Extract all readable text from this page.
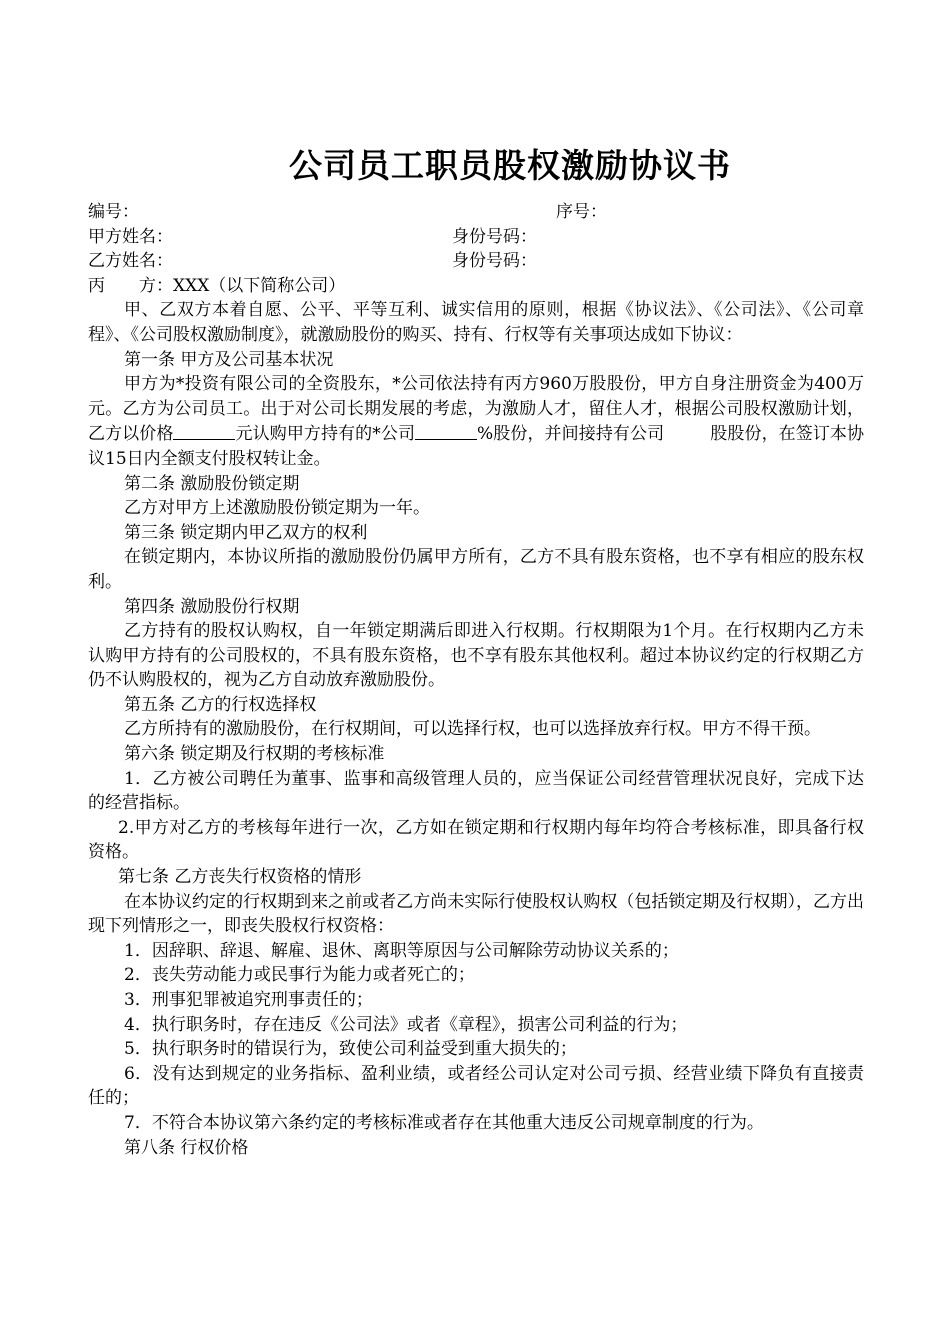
公司员工职员股权激励协议书
编号：	序号：
甲方姓名：	身份号码：
乙方姓名：	身份号码：
丙　　方：XXX（以下简称公司）
甲、乙双方本着自愿、公平、平等互利、诚实信用的原则，根据《协议法》、《公司法》、《公司章程》、《公司股权激励制度》，就激励股份的购买、持有、行权等有关事项达成如下协议：
第一条 甲方及公司基本状况
甲方为*投资有限公司的全资股东，*公司依法持有丙方960万股股份，甲方自身注册资金为400万元。乙方为公司员工。出于对公司长期发展的考虑，为激励人才，留住人才，根据公司股权激励计划，乙方以价格	元认购甲方持有的*公司	%股份，并间接持有公司	股股份，在签订本协议15日内全额支付股权转让金。
第二条 激励股份锁定期
乙方对甲方上述激励股份锁定期为一年。
第三条 锁定期内甲乙双方的权利
在锁定期内，本协议所指的激励股份仍属甲方所有，乙方不具有股东资格，也不享有相应的股东权利。
第四条 激励股份行权期
乙方持有的股权认购权，自一年锁定期满后即进入行权期。行权期限为1个月。在行权期内乙方未认购甲方持有的公司股权的，不具有股东资格，也不享有股东其他权利。超过本协议约定的行权期乙方仍不认购股权的，视为乙方自动放弃激励股份。
第五条 乙方的行权选择权
乙方所持有的激励股份，在行权期间，可以选择行权，也可以选择放弃行权。甲方不得干预。
第六条 锁定期及行权期的考核标准
1．乙方被公司聘任为董事、监事和高级管理人员的，应当保证公司经营管理状况良好，完成下达的经营指标。
2.甲方对乙方的考核每年进行一次，乙方如在锁定期和行权期内每年均符合考核标准，即具备行权资格。
第七条 乙方丧失行权资格的情形
在本协议约定的行权期到来之前或者乙方尚未实际行使股权认购权（包括锁定期及行权期），乙方出现下列情形之一，即丧失股权行权资格：
1．因辞职、辞退、解雇、退休、离职等原因与公司解除劳动协议关系的；
2．丧失劳动能力或民事行为能力或者死亡的；
3．刑事犯罪被追究刑事责任的；
4．执行职务时，存在违反《公司法》或者《章程》，损害公司利益的行为；
5．执行职务时的错误行为，致使公司利益受到重大损失的；
6．没有达到规定的业务指标、盈利业绩，或者经公司认定对公司亏损、经营业绩下降负有直接责任的；
7．不符合本协议第六条约定的考核标准或者存在其他重大违反公司规章制度的行为。
第八条 行权价格
